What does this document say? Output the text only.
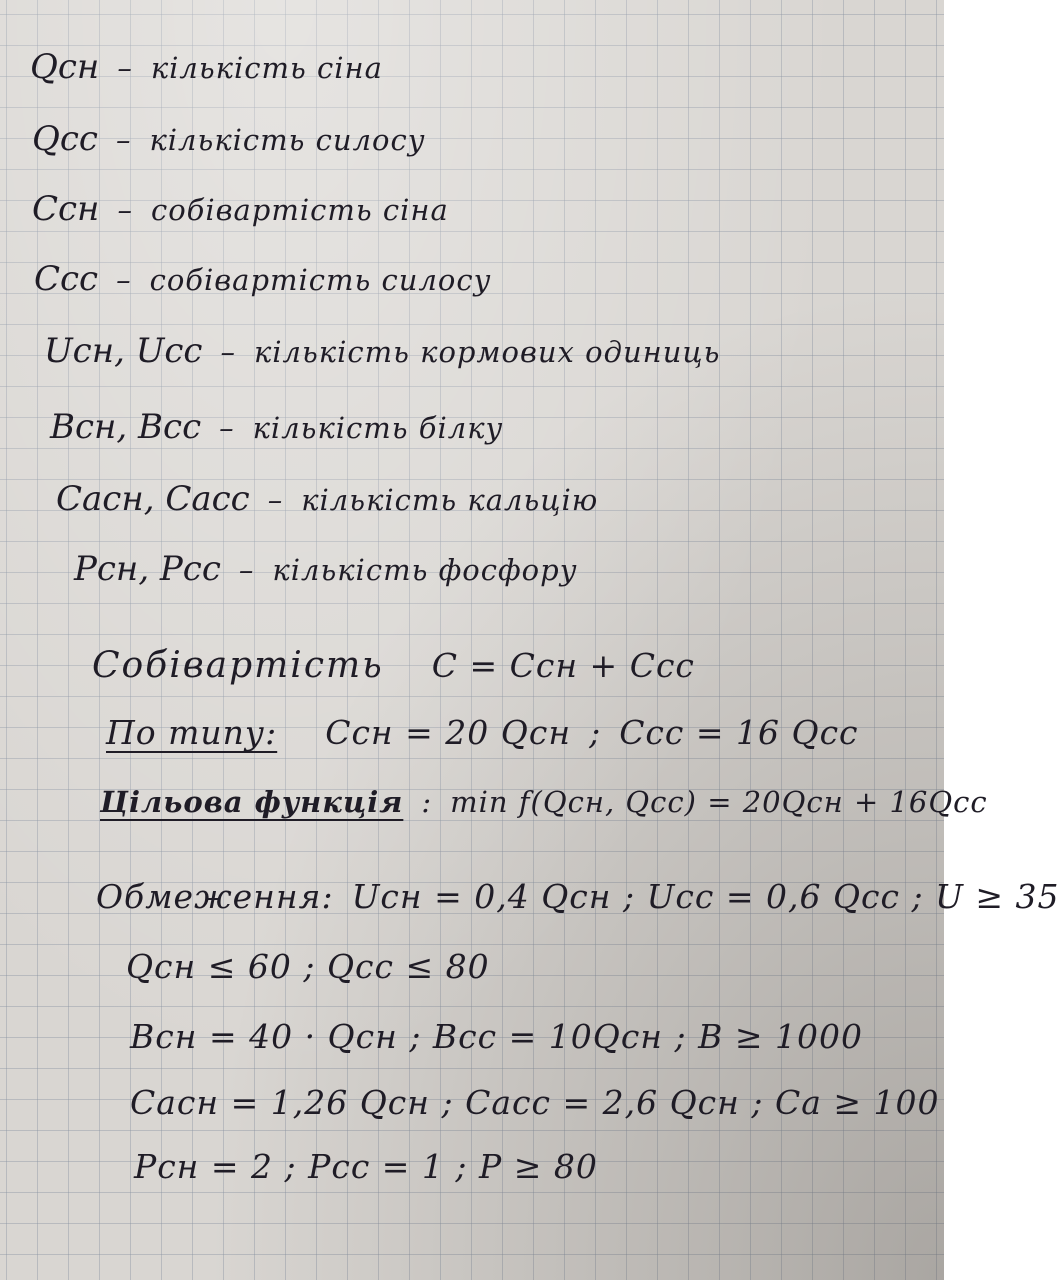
Qсн – кількість сіна
Qсс – кількість силосу
Cсн – собівартість сіна
Cсс – собівартість силосу
Uсн, Uсс – кількість кормових одиниць
Bсн, Bсс – кількість білку
Caсн, Caсс – кількість кальцію
Pсн, Pсс – кількість фосфору
Собівартість C = Cсн + Cсс
По типу: Cсн = 20 Qсн ; Cсс = 16 Qсс
Цільова функція : min f(Qсн, Qсс) = 20Qсн + 16Qсс
Обмеження: Uсн = 0,4 Qсн ; Uсс = 0,6 Qсс ; U ≥ 35
Qсн ≤ 60 ; Qсс ≤ 80
Bсн = 40 · Qсн ; Bсс = 10Qсн ; B ≥ 1000
Caсн = 1,26 Qсн ; Caсс = 2,6 Qсн ; Ca ≥ 100
Pсн = 2 ; Pсс = 1 ; P ≥ 80
